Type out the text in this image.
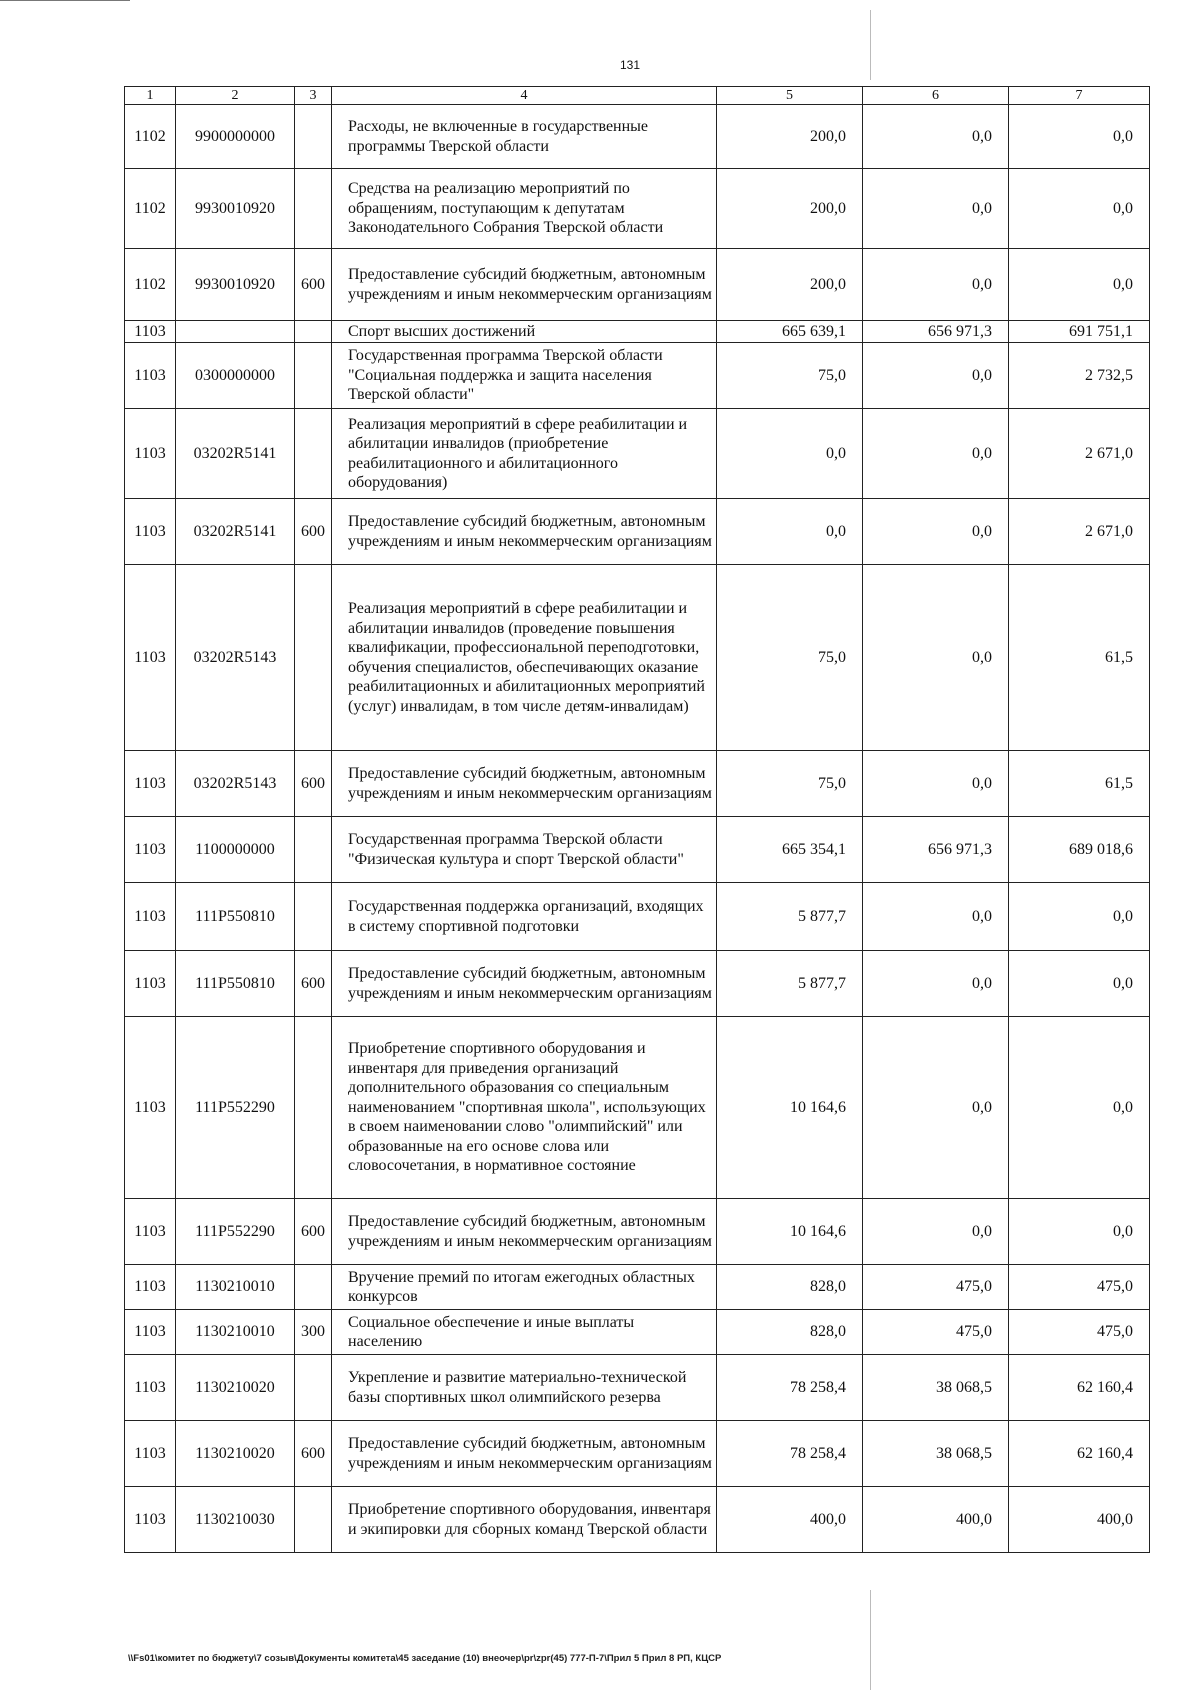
131
1	2	3	4	5	6	7
1102	9900000000		Расходы, не включенные в государственные программы Тверской области	200,0	0,0	0,0
1102	9930010920		Средства на реализацию мероприятий по обращениям, поступающим к депутатам Законодательного Собрания Тверской области	200,0	0,0	0,0
1102	9930010920	600	Предоставление субсидий бюджетным, автономным учреждениям и иным некоммерческим организациям	200,0	0,0	0,0
1103			Спорт высших достижений	665 639,1	656 971,3	691 751,1
1103	0300000000		Государственная программа Тверской области "Социальная поддержка и защита населения Тверской области"	75,0	0,0	2 732,5
1103	03202R5141		Реализация мероприятий в сфере реабилитации и абилитации инвалидов (приобретение реабилитационного и абилитационного оборудования)	0,0	0,0	2 671,0
1103	03202R5141	600	Предоставление субсидий бюджетным, автономным учреждениям и иным некоммерческим организациям	0,0	0,0	2 671,0
1103	03202R5143		Реализация мероприятий в сфере реабилитации и абилитации инвалидов (проведение повышения квалификации, профессиональной переподготовки, обучения специалистов, обеспечивающих оказание реабилитационных и абилитационных мероприятий (услуг) инвалидам, в том числе детям-инвалидам)	75,0	0,0	61,5
1103	03202R5143	600	Предоставление субсидий бюджетным, автономным учреждениям и иным некоммерческим организациям	75,0	0,0	61,5
1103	1100000000		Государственная программа Тверской области "Физическая культура и спорт Тверской области"	665 354,1	656 971,3	689 018,6
1103	111P550810		Государственная поддержка организаций, входящих в систему спортивной подготовки	5 877,7	0,0	0,0
1103	111P550810	600	Предоставление субсидий бюджетным, автономным учреждениям и иным некоммерческим организациям	5 877,7	0,0	0,0
1103	111P552290		Приобретение спортивного оборудования и инвентаря для приведения организаций дополнительного образования со специальным наименованием "спортивная школа", использующих в своем наименовании слово "олимпийский" или образованные на его основе слова или словосочетания, в нормативное состояние	10 164,6	0,0	0,0
1103	111P552290	600	Предоставление субсидий бюджетным, автономным учреждениям и иным некоммерческим организациям	10 164,6	0,0	0,0
1103	1130210010		Вручение премий по итогам ежегодных областных конкурсов	828,0	475,0	475,0
1103	1130210010	300	Социальное обеспечение и иные выплаты населению	828,0	475,0	475,0
1103	1130210020		Укрепление и развитие материально-технической базы спортивных школ олимпийского резерва	78 258,4	38 068,5	62 160,4
1103	1130210020	600	Предоставление субсидий бюджетным, автономным учреждениям и иным некоммерческим организациям	78 258,4	38 068,5	62 160,4
1103	1130210030		Приобретение спортивного оборудования, инвентаря и экипировки для сборных команд Тверской области	400,0	400,0	400,0
\\Fs01\комитет по бюджету\7 созыв\Документы комитета\45 заседание (10) внеочер\pr\zpr(45) 777-П-7\Прил 5 Прил 8 РП, КЦСР
